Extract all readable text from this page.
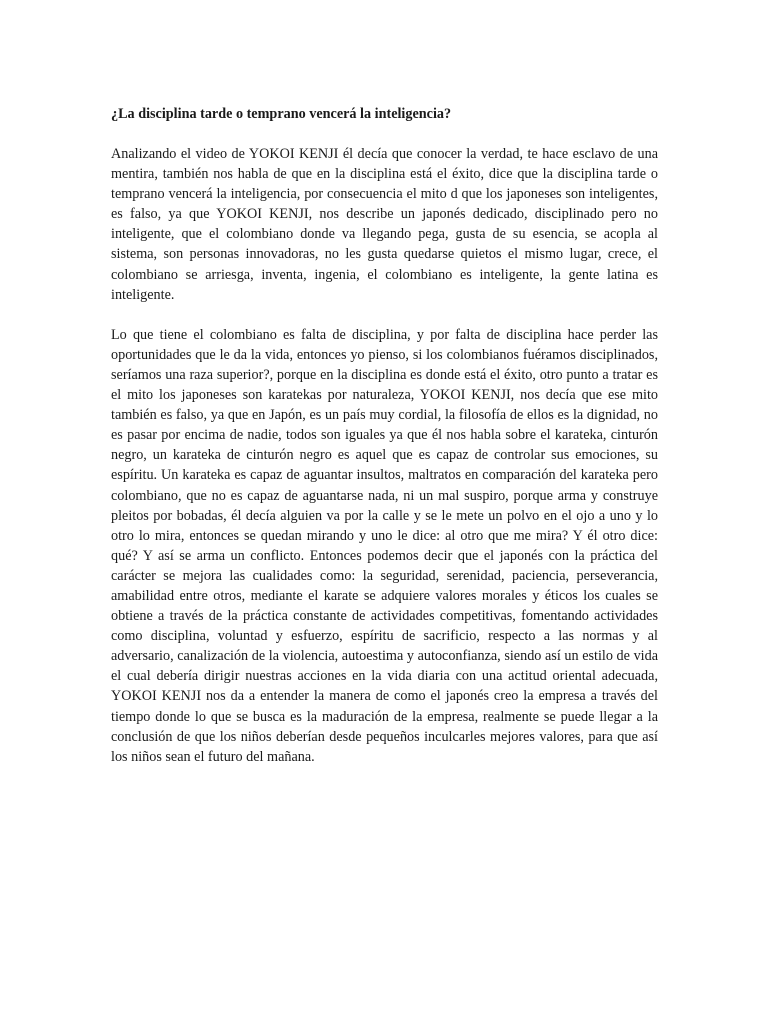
¿La disciplina tarde o temprano vencerá la inteligencia?

Analizando el video de YOKOI KENJI él decía que conocer la verdad, te hace esclavo de una mentira, también nos habla de que en la disciplina está el éxito, dice que la disciplina tarde o temprano vencerá la inteligencia, por consecuencia el mito d que los japoneses son inteligentes, es falso, ya que YOKOI KENJI, nos describe un japonés dedicado, disciplinado pero no inteligente, que el colombiano donde va llegando pega, gusta de su esencia, se acopla al sistema, son personas innovadoras, no les gusta quedarse quietos el mismo lugar, crece, el colombiano se arriesga, inventa, ingenia, el colombiano es inteligente, la gente latina es inteligente.

Lo que tiene el colombiano es falta de disciplina, y por falta de disciplina hace perder las oportunidades que le da la vida, entonces yo pienso, si los colombianos fuéramos disciplinados, seríamos una raza superior?, porque en la disciplina es donde está el éxito, otro punto a tratar es el mito los japoneses son karatekas por naturaleza, YOKOI KENJI, nos decía que ese mito también es falso, ya que en Japón, es un país muy cordial, la filosofía de ellos es la dignidad, no es pasar por encima de nadie, todos son iguales ya que él nos habla sobre el karateka, cinturón negro, un karateka de cinturón negro es aquel que es capaz de controlar sus emociones, su espíritu. Un karateka es capaz de aguantar insultos, maltratos en comparación del karateka pero colombiano, que no es capaz de aguantarse nada, ni un mal suspiro, porque arma y construye pleitos por bobadas, él decía alguien va por la calle y se le mete un polvo en el ojo a uno y lo otro lo mira, entonces se quedan mirando y uno le dice: al otro que me mira? Y él otro dice: qué? Y así se arma un conflicto. Entonces podemos decir que el japonés con la práctica del carácter se mejora las cualidades como: la seguridad, serenidad, paciencia, perseverancia, amabilidad entre otros, mediante el karate se adquiere valores morales y éticos los cuales se obtiene a través de la práctica constante de actividades competitivas, fomentando actividades como disciplina, voluntad y esfuerzo, espíritu de sacrificio, respecto a las normas y al adversario, canalización de la violencia, autoestima y autoconfianza, siendo así un estilo de vida el cual debería dirigir nuestras acciones en la vida diaria con una actitud oriental adecuada, YOKOI KENJI nos da a entender la manera de como el japonés creo la empresa a través del tiempo donde lo que se busca es la maduración de la empresa, realmente se puede llegar a la conclusión de que los niños deberían desde pequeños inculcarles mejores valores, para que así los niños sean el futuro del mañana.
